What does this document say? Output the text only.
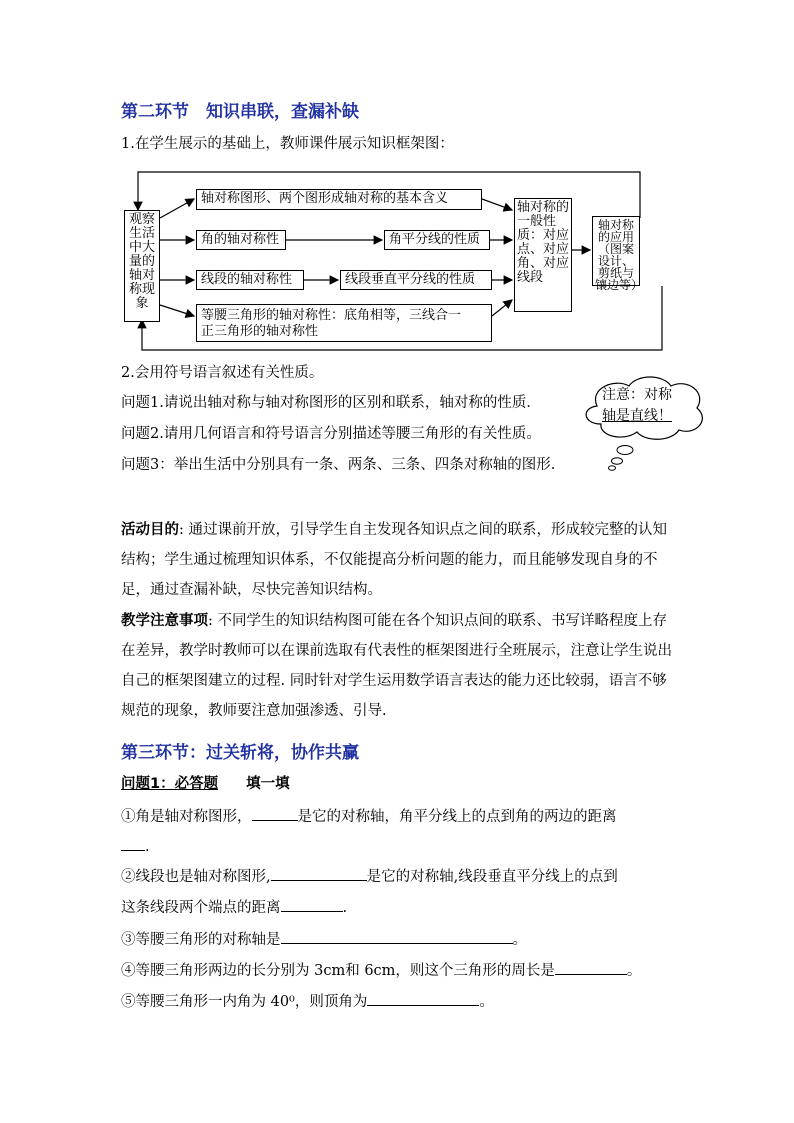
第二环节　知识串联，查漏补缺
1.在学生展示的基础上，教师课件展示知识框架图：
观察生活中大量的轴对称现象
轴对称图形、两个图形成轴对称的基本含义
角的轴对称性	角平分线的性质
线段的轴对称性	线段垂直平分线的性质
等腰三角形的轴对称性：底角相等，三线合一
正三角形的轴对称性
轴对称的一般性质：对应点、对应角、对应线段
轴对称的应用（图案设计、剪纸与镶边等）
2.会用符号语言叙述有关性质。
问题1.请说出轴对称与轴对称图形的区别和联系，轴对称的性质．
问题2.请用几何语言和符号语言分别描述等腰三角形的有关性质。
问题3：举出生活中分别具有一条、两条、三条、四条对称轴的图形.
注意：对称
轴是直线！
活动目的: 通过课前开放，引导学生自主发现各知识点之间的联系，形成较完整的认知结构；学生通过梳理知识体系，不仅能提高分析问题的能力，而且能够发现自身的不足，通过查漏补缺，尽快完善知识结构。
教学注意事项: 不同学生的知识结构图可能在各个知识点间的联系、书写详略程度上存在差异，教学时教师可以在课前选取有代表性的框架图进行全班展示，注意让学生说出自己的框架图建立的过程. 同时针对学生运用数学语言表达的能力还比较弱，语言不够规范的现象，教师要注意加强渗透、引导.
第三环节：过关斩将，协作共赢
问题1：必答题 填一填
①角是轴对称图形，	是它的对称轴，角平分线上的点到角的两边的距离
.
②线段也是轴对称图形,	是它的对称轴,线段垂直平分线上的点到
这条线段两个端点的距离	.
③等腰三角形的对称轴是	。
④等腰三角形两边的长分别为 3cm和 6cm，则这个三角形的周长是	。
⑤等腰三角形一内角为 40⁰，则顶角为	。
